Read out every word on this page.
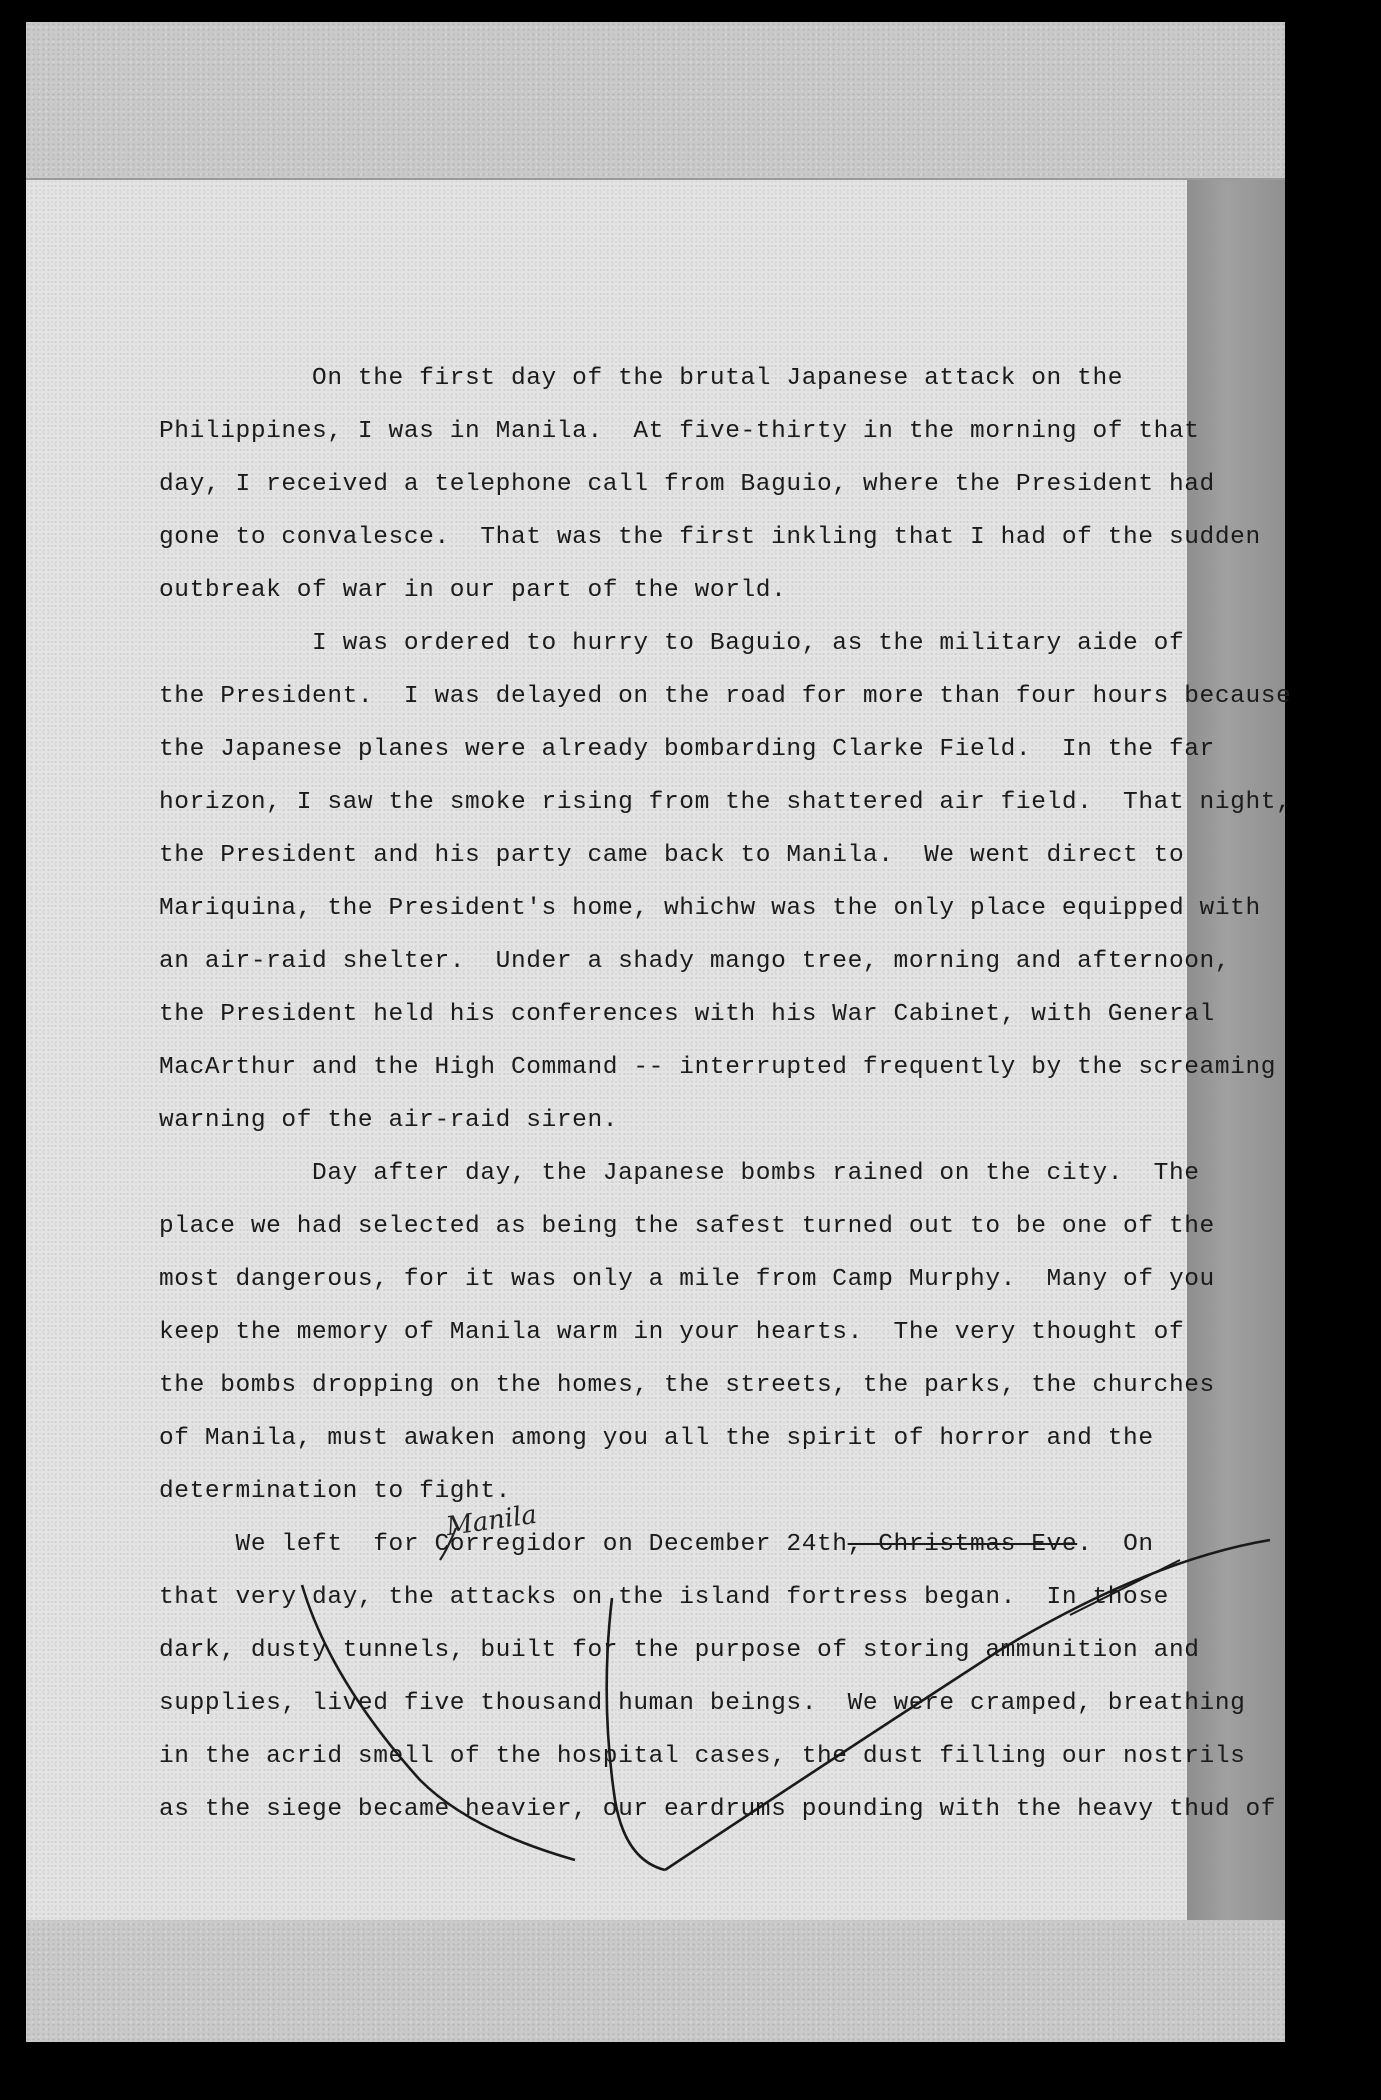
On the first day of the brutal Japanese attack on the
Philippines, I was in Manila.  At five-thirty in the morning of that
day, I received a telephone call from Baguio, where the President had
gone to convalesce.  That was the first inkling that I had of the sudden
outbreak of war in our part of the world.
I was ordered to hurry to Baguio, as the military aide of
the President.  I was delayed on the road for more than four hours because
the Japanese planes were already bombarding Clarke Field.  In the far
horizon, I saw the smoke rising from the shattered air field.  That night,
the President and his party came back to Manila.  We went direct to
Mariquina, the President's home, whichw was the only place equipped with
an air-raid shelter.  Under a shady mango tree, morning and afternoon,
the President held his conferences with his War Cabinet, with General
MacArthur and the High Command -- interrupted frequently by the screaming
warning of the air-raid siren.
Day after day, the Japanese bombs rained on the city.  The
place we had selected as being the safest turned out to be one of the
most dangerous, for it was only a mile from Camp Murphy.  Many of you
keep the memory of Manila warm in your hearts.  The very thought of
the bombs dropping on the homes, the streets, the parks, the churches
of Manila, must awaken among you all the spirit of horror and the
determination to fight.
We left  for Corregidor on December 24th, Christmas Eve.  On
that very day, the attacks on the island fortress began.  In those
dark, dusty tunnels, built for the purpose of storing ammunition and
supplies, lived five thousand human beings.  We were cramped, breathing
in the acrid smell of the hospital cases, the dust filling our nostrils
as the siege became heavier, our eardrums pounding with the heavy thud of
Manila
